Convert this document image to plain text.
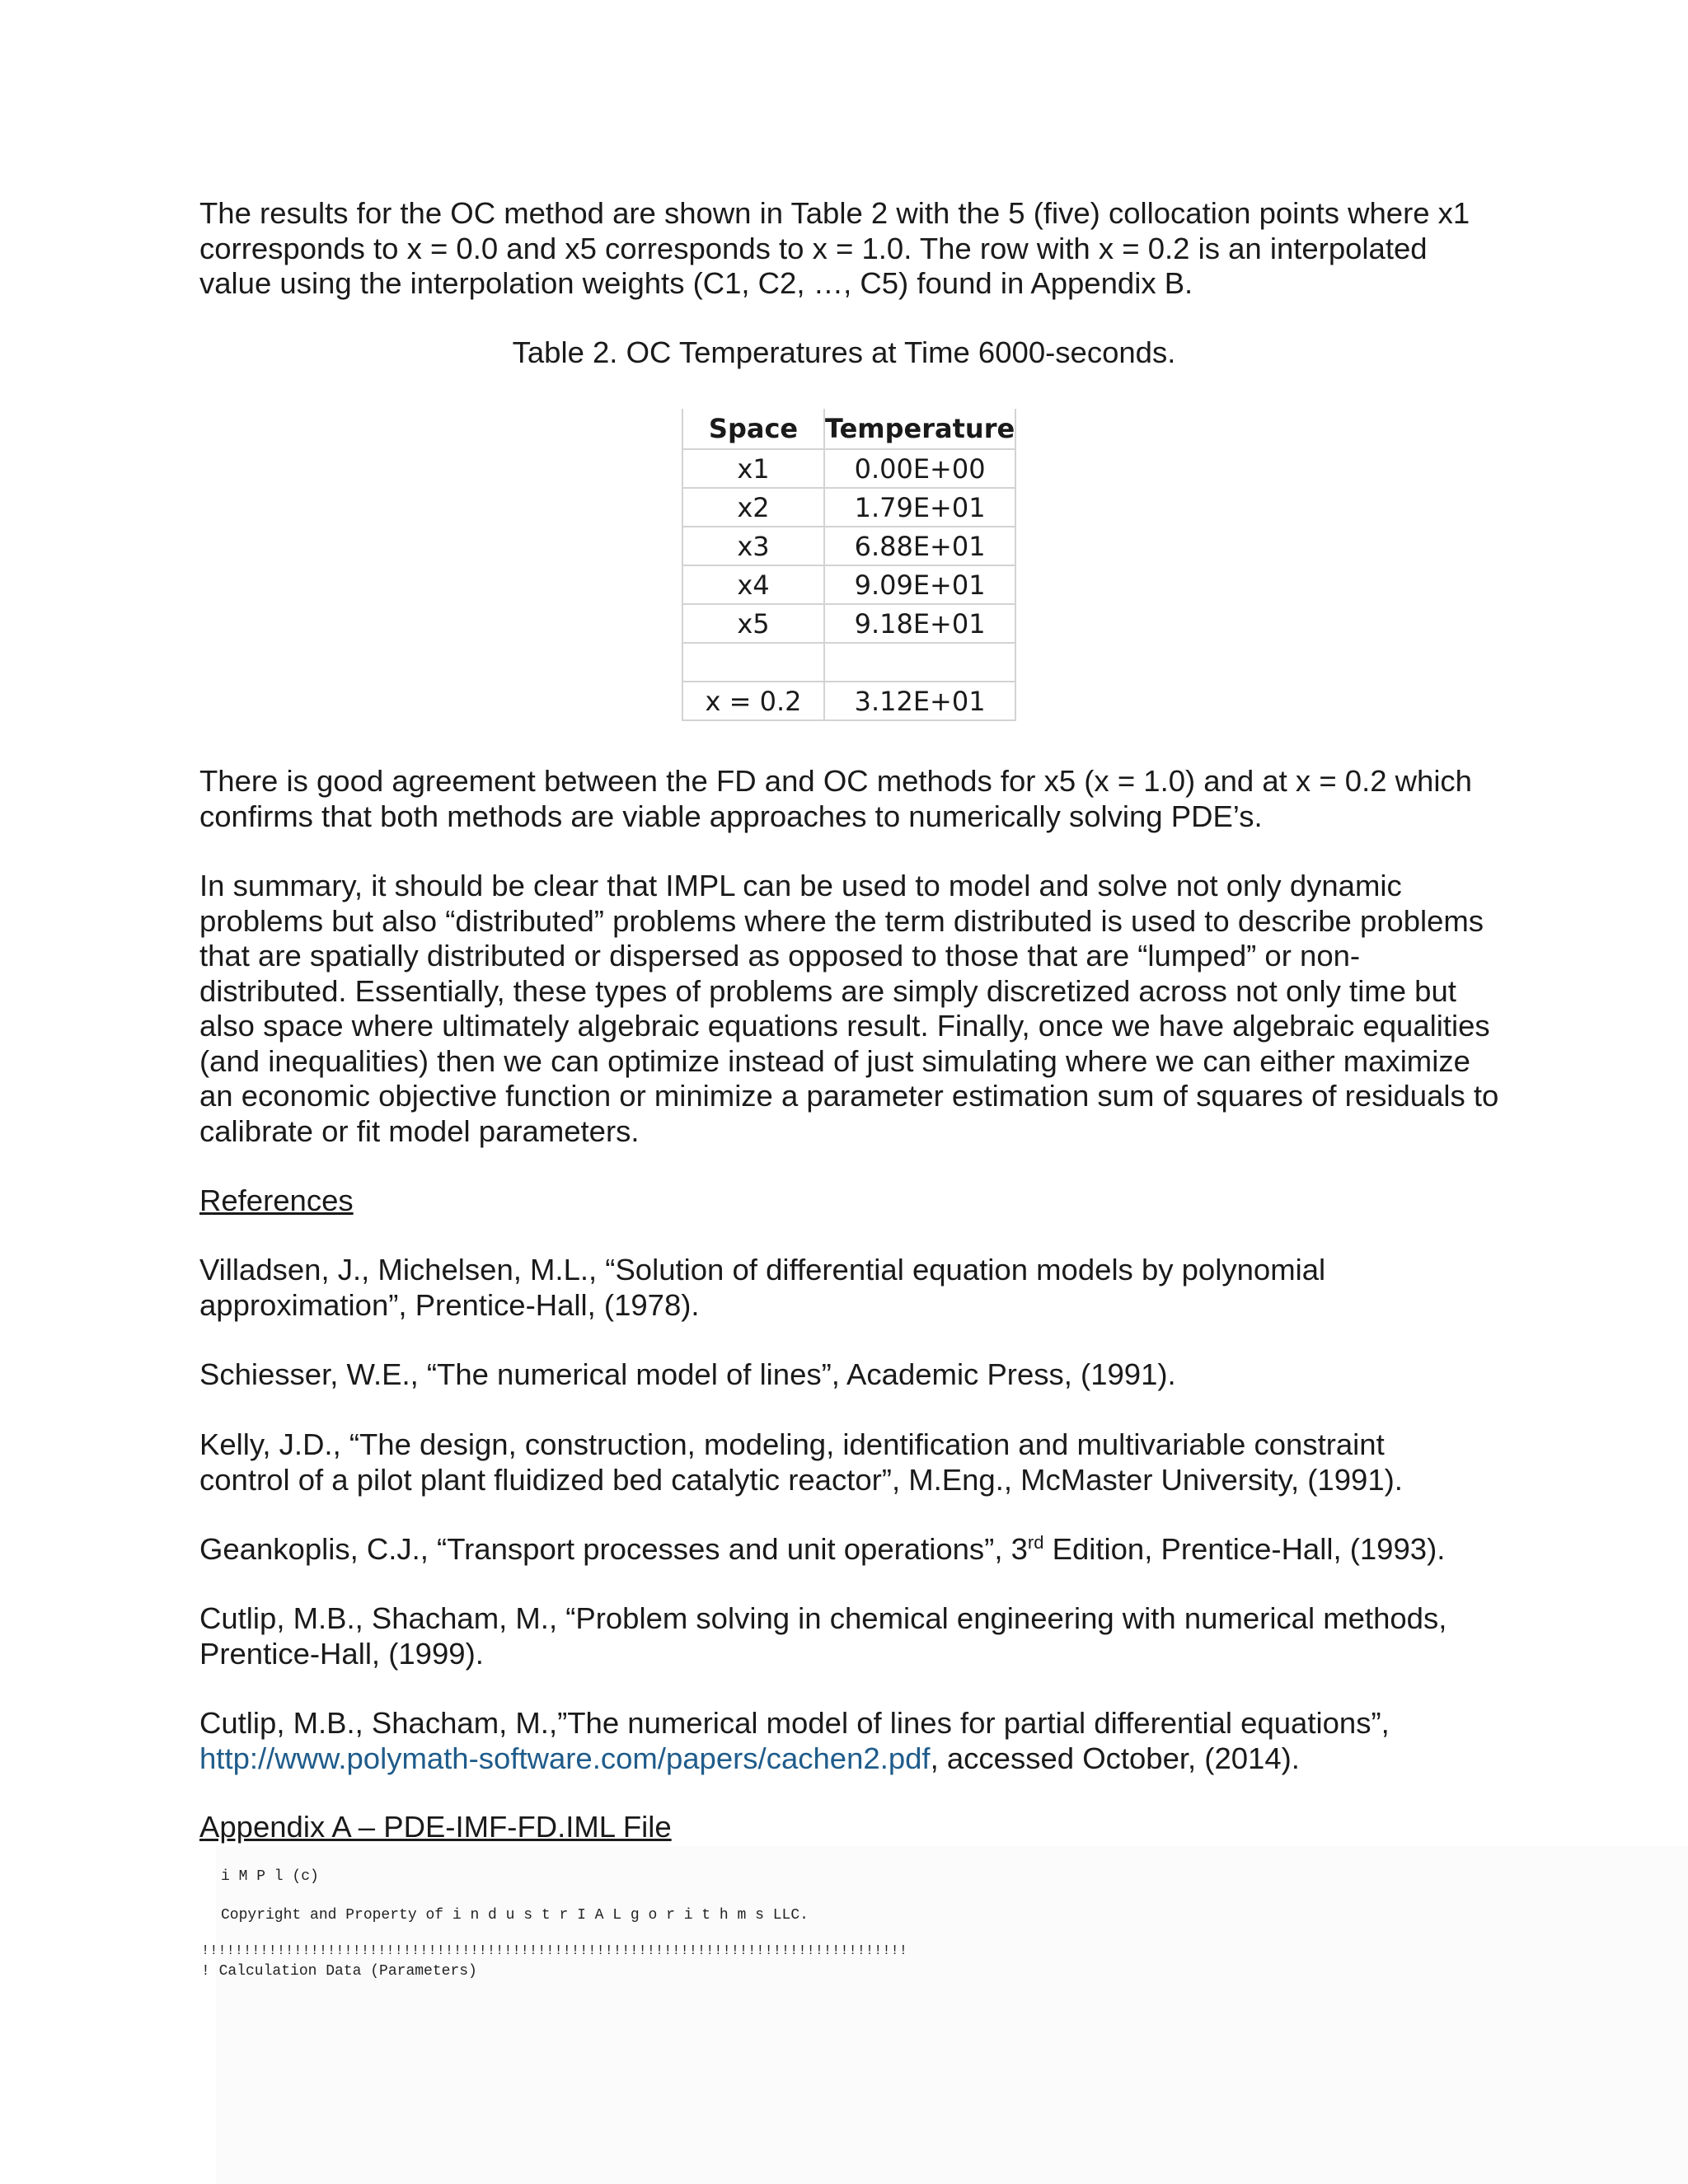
The results for the OC method are shown in Table 2 with the 5 (five) collocation points where x1 corresponds to x = 0.0 and x5 corresponds to x = 1.0. The row with x = 0.2 is an interpolated value using the interpolation weights (C1, C2, …, C5) found in Appendix B.

Table 2. OC Temperatures at Time 6000-seconds.
Space	Temperature
x1	0.00E+00
x2	1.79E+01
x3	6.88E+01
x4	9.09E+01
x5	9.18E+01

x = 0.2	3.12E+01

There is good agreement between the FD and OC methods for x5 (x = 1.0) and at x = 0.2 which confirms that both methods are viable approaches to numerically solving PDE’s.

In summary, it should be clear that IMPL can be used to model and solve not only dynamic problems but also “distributed” problems where the term distributed is used to describe problems that are spatially distributed or dispersed as opposed to those that are “lumped” or non-distributed. Essentially, these types of problems are simply discretized across not only time but also space where ultimately algebraic equations result. Finally, once we have algebraic equalities (and inequalities) then we can optimize instead of just simulating where we can either maximize an economic objective function or minimize a parameter estimation sum of squares of residuals to calibrate or fit model parameters.

References

Villadsen, J., Michelsen, M.L., “Solution of differential equation models by polynomial approximation”, Prentice-Hall, (1978).

Schiesser, W.E., “The numerical model of lines”, Academic Press, (1991).

Kelly, J.D., “The design, construction, modeling, identification and multivariable constraint control of a pilot plant fluidized bed catalytic reactor”, M.Eng., McMaster University, (1991).

Geankoplis, C.J., “Transport processes and unit operations”, 3rd Edition, Prentice-Hall, (1993).

Cutlip, M.B., Shacham, M., “Problem solving in chemical engineering with numerical methods, Prentice-Hall, (1999).

Cutlip, M.B., Shacham, M.,”The numerical model of lines for partial differential equations”,
http://www.polymath-software.com/papers/cachen2.pdf, accessed October, (2014).

Appendix A – PDE-IMF-FD.IML File

i M P l (c)
Copyright and Property of i n d u s t r I A L g o r i t h m s LLC.
!!!!!!!!!!!!!!!!!!!!!!!!!!!!!!!!!!!!!!!!!!!!!!!!!!!!!!!!!!!!!!!!!!!!!!!!!!!!!!!!!!!!
! Calculation Data (Parameters)
